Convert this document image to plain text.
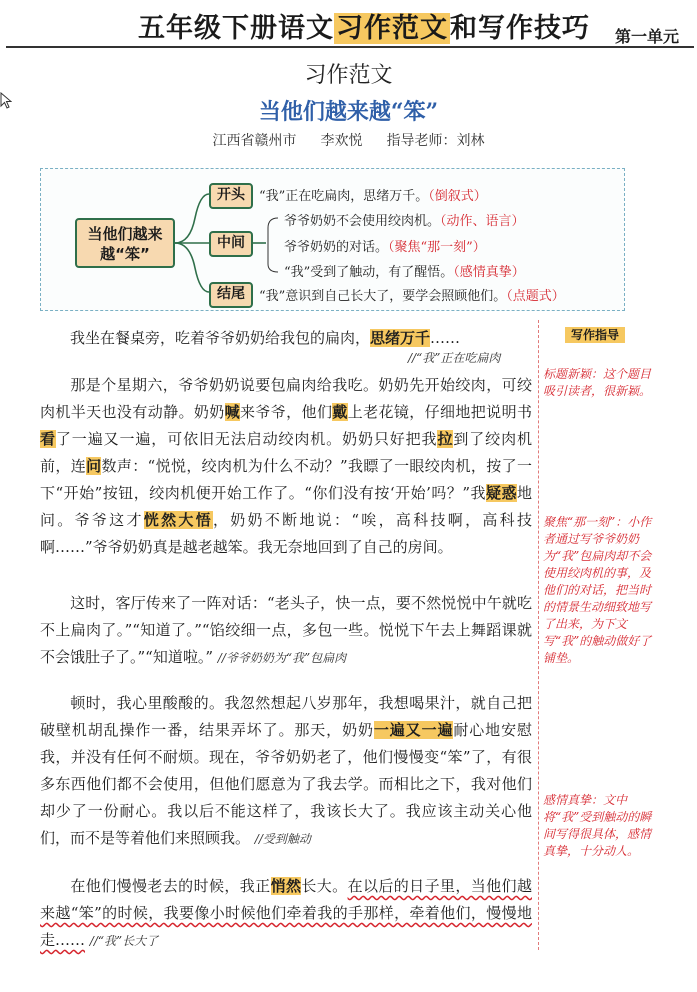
五年级下册语文习作范文和写作技巧 第一单元
习作范文
当他们越来越“笨”
江西省赣州市 李欢悦 指导老师：刘林
当他们越来越“笨”
开头
中间
结尾
“我”正在吃扁肉，思绪万千。（倒叙式）
爷爷奶奶不会使用绞肉机。（动作、语言）
爷爷奶奶的对话。（聚焦“那一刻”）
“我”受到了触动，有了醒悟。（感情真挚）
“我”意识到自己长大了，要学会照顾他们。（点题式）
  我坐在餐桌旁，吃着爷爷奶奶给我包的扁肉，思绪万千……
//“我”正在吃扁肉
  那是个星期六，爷爷奶奶说要包扁肉给我吃。奶奶先开始绞肉，可绞肉机半天也没有动静。奶奶喊来爷爷，他们戴上老花镜，仔细地把说明书看了一遍又一遍，可依旧无法启动绞肉机。奶奶只好把我拉到了绞肉机前，连问数声：“悦悦，绞肉机为什么不动？”我瞟了一眼绞肉机，按了一下“开始”按钮，绞肉机便开始工作了。“你们没有按‘开始’吗？”我疑惑地问。爷爷这才恍然大悟，奶奶不断地说：“唉，高科技啊，高科技啊……”爷爷奶奶真是越老越笨。我无奈地回到了自己的房间。
  这时，客厅传来了一阵对话：“老头子，快一点，要不然悦悦中午就吃不上扁肉了。”“知道了。”“馅绞细一点，多包一些。悦悦下午去上舞蹈课就不会饿肚子了。”“知道啦。” //爷爷奶奶为“我”包扁肉
  顿时，我心里酸酸的。我忽然想起八岁那年，我想喝果汁，就自己把破壁机胡乱操作一番，结果弄坏了。那天，奶奶一遍又一遍耐心地安慰我，并没有任何不耐烦。现在，爷爷奶奶老了，他们慢慢变“笨”了，有很多东西他们都不会使用，但他们愿意为了我去学。而相比之下，我对他们却少了一份耐心。我以后不能这样了，我该长大了。我应该主动关心他们，而不是等着他们来照顾我。 //受到触动
  在他们慢慢老去的时候，我正悄然长大。在以后的日子里，当他们越来越“笨”的时候，我要像小时候他们牵着我的手那样，牵着他们，慢慢地走…… //“我”长大了
写作指导
标题新颖：这个题目吸引读者，很新颖。
聚焦“那一刻”：小作者通过写爷爷奶奶为“我”包扁肉却不会使用绞肉机的事，及他们的对话，把当时的情景生动细致地写了出来，为下文写“我”的触动做好了铺垫。
感情真挚：文中将“我”受到触动的瞬间写得很具体，感情真挚，十分动人。
